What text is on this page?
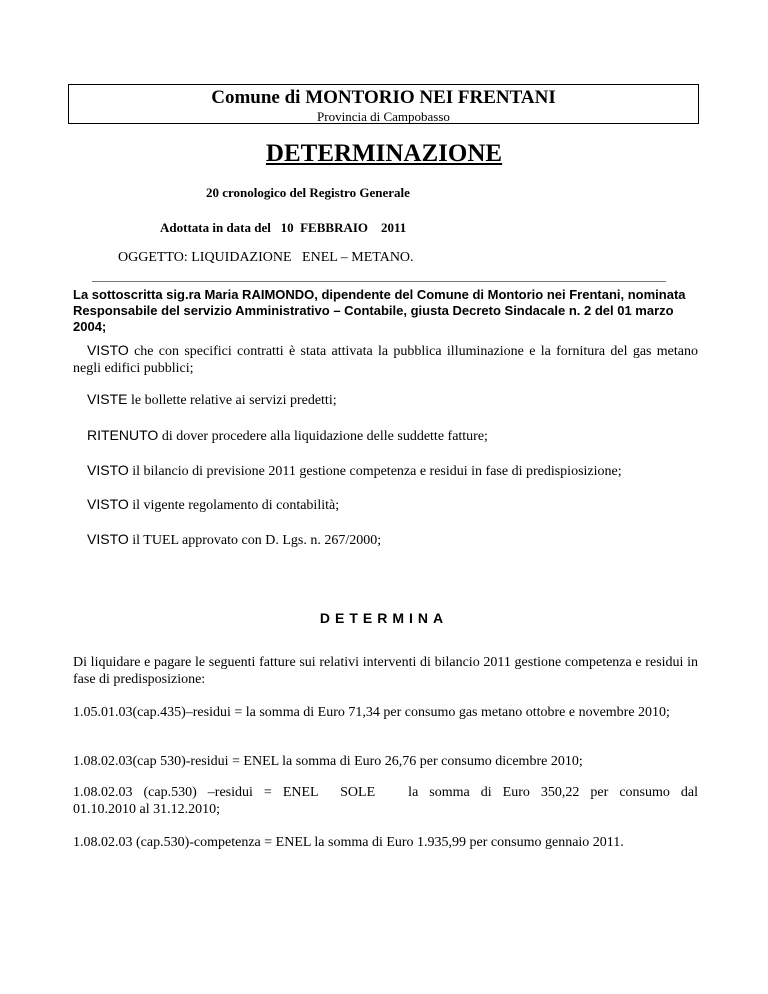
Comune di MONTORIO NEI FRENTANI
Provincia di Campobasso
DETERMINAZIONE
20 cronologico del Registro Generale
Adottata in data del   10  FEBBRAIO    2011
OGGETTO: LIQUIDAZIONE   ENEL – METANO.
La sottoscritta sig.ra Maria RAIMONDO, dipendente del Comune di Montorio nei Frentani, nominata Responsabile del servizio Amministrativo – Contabile, giusta Decreto Sindacale n. 2 del 01 marzo 2004;
VISTO che con specifici contratti è stata attivata la pubblica illuminazione e la fornitura del gas metano negli edifici pubblici;
VISTE le bollette relative ai servizi predetti;
RITENUTO di dover procedere alla liquidazione delle suddette fatture;
VISTO il bilancio di previsione 2011 gestione competenza e residui in fase di predispiosizione;
VISTO il vigente regolamento di contabilità;
VISTO il TUEL approvato con D. Lgs. n. 267/2000;
DETERMINA
Di liquidare e pagare le seguenti fatture sui relativi interventi di bilancio 2011 gestione competenza e residui in fase di predisposizione:
1.05.01.03(cap.435)–residui = la somma di Euro 71,34 per consumo gas metano ottobre e novembre 2010;
1.08.02.03(cap 530)-residui = ENEL la somma di Euro 26,76 per consumo dicembre 2010;
1.08.02.03  (cap.530)  –residui  =  ENEL    SOLE      la  somma  di  Euro  350,22  per  consumo  dal 01.10.2010 al 31.12.2010;
1.08.02.03 (cap.530)-competenza = ENEL la somma di Euro 1.935,99 per consumo gennaio 2011.
